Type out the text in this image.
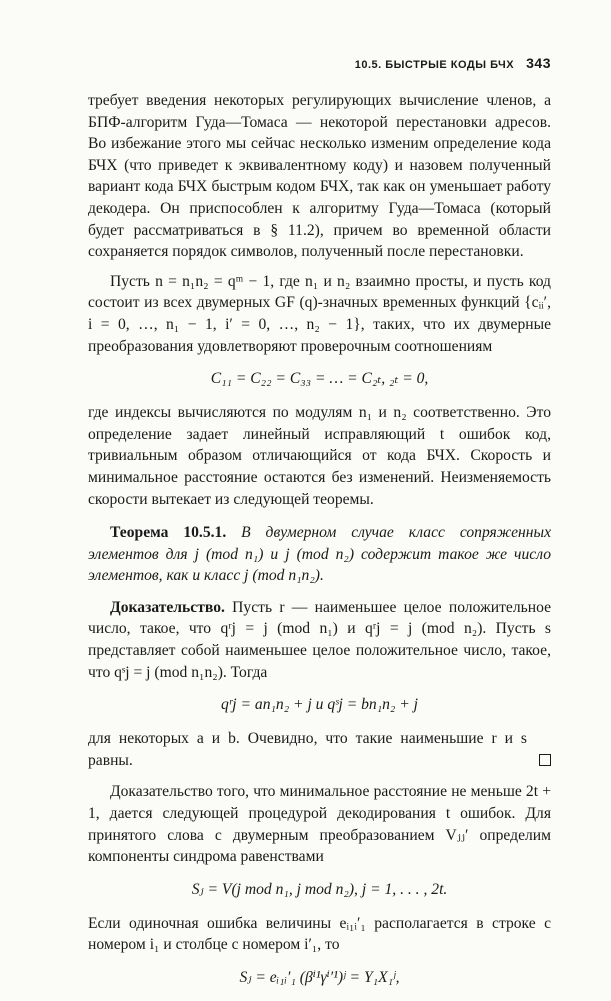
10.5. БЫСТРЫЕ КОДЫ БЧХ 343

требует введения некоторых регулирующих вычисление членов, а БПФ-алгоритм Гуда—Томаса — некоторой перестановки адресов. Во избежание этого мы сейчас несколько изменим определение кода БЧХ (что приведет к эквивалентному коду) и назовем полученный вариант кода БЧХ быстрым кодом БЧХ, так как он уменьшает работу декодера. Он приспособлен к алгоритму Гуда—Томаса (который будет рассматриваться в § 11.2), причем во временной области сохраняется порядок символов, полученный после перестановки.

Пусть n = n₁n₂ = qᵐ − 1, где n₁ и n₂ взаимно просты, и пусть код состоит из всех двумерных GF (q)-значных временных функций {cᵢᵢ′, i = 0, …, n₁ − 1, i′ = 0, …, n₂ − 1}, таких, что их двумерные преобразования удовлетворяют проверочным соотношениям

C₁₁ = C₂₂ = C₃₃ = … = C₂ₜ, ₂ₜ = 0,

где индексы вычисляются по модулям n₁ и n₂ соответственно. Это определение задает линейный исправляющий t ошибок код, тривиальным образом отличающийся от кода БЧХ. Скорость и минимальное расстояние остаются без изменений. Неизменяемость скорости вытекает из следующей теоремы.

Теорема 10.5.1. В двумерном случае класс сопряженных элементов для j (mod n₁) и j (mod n₂) содержит такое же число элементов, как и класс j (mod n₁n₂).

Доказательство. Пусть r — наименьшее целое положительное число, такое, что qʳj = j (mod n₁) и qʳj = j (mod n₂). Пусть s представляет собой наименьшее целое положительное число, такое, что qˢj = j (mod n₁n₂). Тогда

qʳj = an₁n₂ + j и qˢj = bn₁n₂ + j

для некоторых a и b. Очевидно, что такие наименьшие r и s равны.

Доказательство того, что минимальное расстояние не меньше 2t + 1, дается следующей процедурой декодирования t ошибок. Для принятого слова с двумерным преобразованием Vⱼⱼ′ определим компоненты синдрома равенствами

Sⱼ = V(j mod n₁, j mod n₂), j = 1, . . . , 2t.

Если одиночная ошибка величины eᵢ₁ᵢ′₁ располагается в строке с номером i₁ и столбце с номером i′₁, то

Sⱼ = eᵢ₁ᵢ′₁ (βⁱ¹γⁱ′¹)ʲ = Y₁X₁ʲ,
